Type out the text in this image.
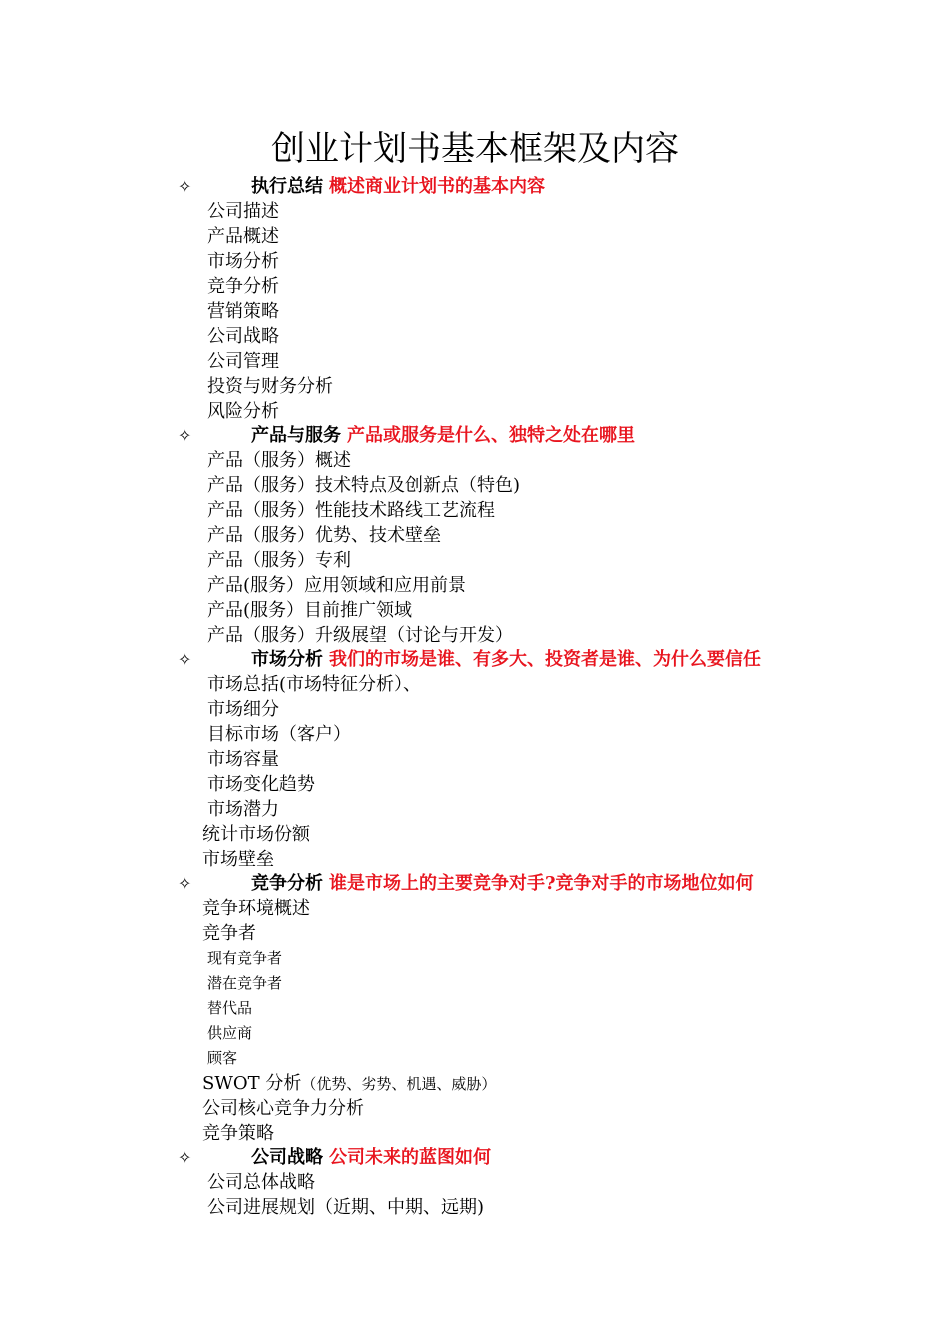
创业计划书基本框架及内容
✧	执行总结 概述商业计划书的基本内容
公司描述
产品概述
市场分析
竞争分析
营销策略
公司战略
公司管理
投资与财务分析
风险分析
✧	产品与服务 产品或服务是什么、独特之处在哪里
产品（服务）概述
产品（服务）技术特点及创新点（特色)
产品（服务）性能技术路线工艺流程
产品（服务）优势、技术壁垒
产品（服务）专利
产品(服务）应用领域和应用前景
产品(服务）目前推广领域
产品（服务）升级展望（讨论与开发）
✧	市场分析 我们的市场是谁、有多大、投资者是谁、为什么要信任
市场总括(市场特征分析）、
市场细分
目标市场（客户）
市场容量
市场变化趋势
市场潜力
统计市场份额
市场壁垒
✧	竞争分析 谁是市场上的主要竞争对手?竞争对手的市场地位如何
竞争环境概述
竞争者
现有竞争者
潜在竞争者
替代品
供应商
顾客
SWOT 分析（优势、劣势、机遇、威胁）
公司核心竞争力分析
竞争策略
✧	公司战略 公司未来的蓝图如何
公司总体战略
公司进展规划（近期、中期、远期)
